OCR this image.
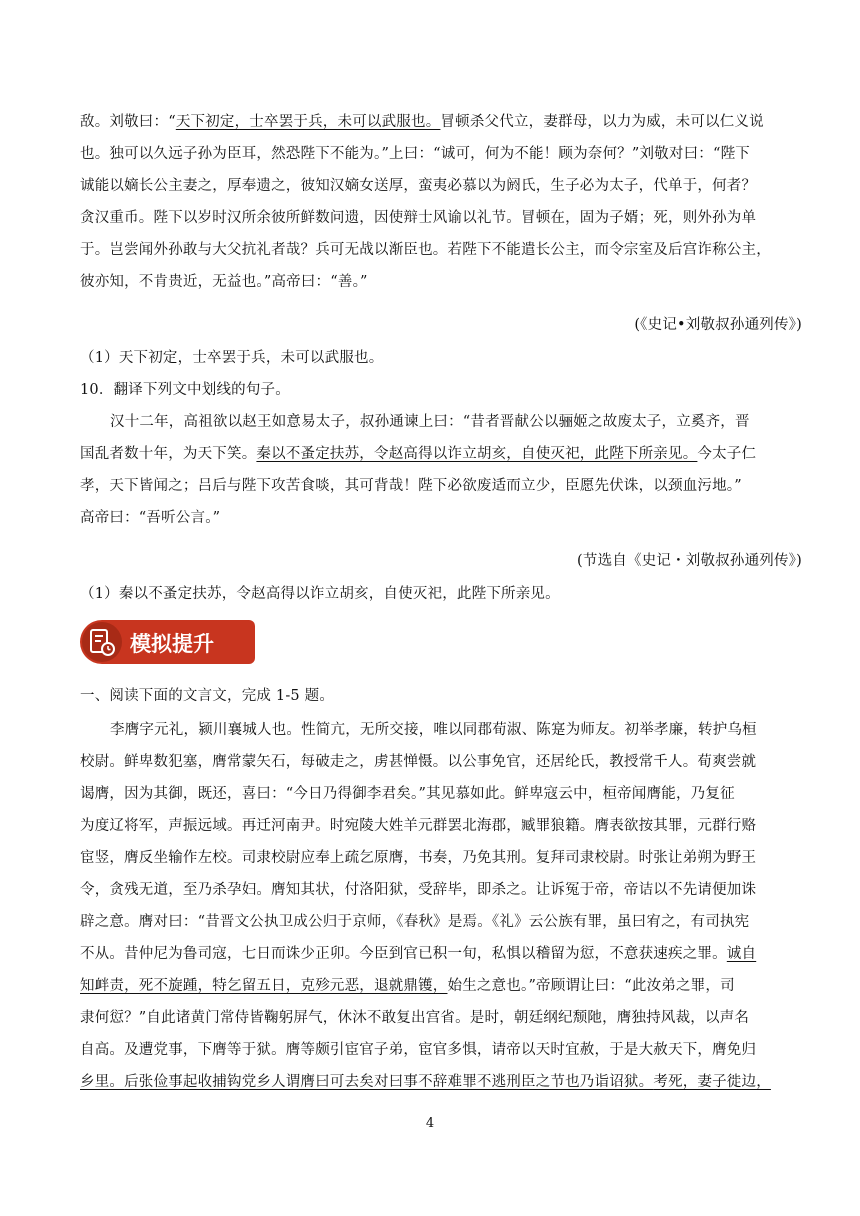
敌。刘敬曰：“天下初定，士卒罢于兵，未可以武服也。冒顿杀父代立，妻群母，以力为威，未可以仁义说
也。独可以久远子孙为臣耳，然恐陛下不能为。”上曰：“诚可，何为不能！顾为奈何？”刘敬对曰：“陛下
诚能以嫡长公主妻之，厚奉遗之，彼知汉嫡女送厚，蛮夷必慕以为阏氏，生子必为太子，代单于，何者？
贪汉重币。陛下以岁时汉所余彼所鲜数问遗，因使辩士风谕以礼节。冒顿在，固为子婿；死，则外孙为单
于。岂尝闻外孙敢与大父抗礼者哉？兵可无战以渐臣也。若陛下不能遣长公主，而令宗室及后宫诈称公主，
彼亦知，不肯贵近，无益也。”高帝曰：“善。”
(《史记•刘敬叔孙通列传》)
（1）天下初定，士卒罢于兵，未可以武服也。
10．翻译下列文中划线的句子。
汉十二年，高祖欲以赵王如意易太子，叔孙通谏上曰：“昔者晋献公以骊姬之故废太子，立奚齐，晋
国乱者数十年，为天下笑。秦以不蚤定扶苏，令赵高得以诈立胡亥，自使灭祀，此陛下所亲见。今太子仁
孝，天下皆闻之；吕后与陛下攻苦食啖，其可背哉！陛下必欲废适而立少，臣愿先伏诛，以颈血污地。”
高帝曰：“吾听公言。”
(节选自《史记・刘敬叔孙通列传》)
（1）秦以不蚤定扶苏，令赵高得以诈立胡亥，自使灭祀，此陛下所亲见。
模拟提升
一、阅读下面的文言文，完成 1-5 题。
李膺字元礼，颍川襄城人也。性简亢，无所交接，唯以同郡荀淑、陈寔为师友。初举孝廉，转护乌桓
校尉。鲜卑数犯塞，膺常蒙矢石，每破走之，虏甚惮慑。以公事免官，还居纶氏，教授常千人。荀爽尝就
谒膺，因为其御，既还，喜曰：“今日乃得御李君矣。”其见慕如此。鲜卑寇云中，桓帝闻膺能，乃复征
为度辽将军，声振远域。再迁河南尹。时宛陵大姓羊元群罢北海郡，臧罪狼籍。膺表欲按其罪，元群行赂
宦竖，膺反坐输作左校。司隶校尉应奉上疏乞原膺，书奏，乃免其刑。复拜司隶校尉。时张让弟朔为野王
令，贪残无道，至乃杀孕妇。膺知其状，付洛阳狱，受辞毕，即杀之。让诉冤于帝，帝诘以不先请便加诛
辟之意。膺对曰：“昔晋文公执卫成公归于京师，《春秋》是焉。《礼》云公族有罪，虽曰宥之，有司执宪
不从。昔仲尼为鲁司寇，七日而诛少正卯。今臣到官已积一旬，私惧以稽留为愆，不意获速疾之罪。诚自
知衅责，死不旋踵，特乞留五日，克殄元恶，退就鼎镬，始生之意也。”帝顾谓让曰：“此汝弟之罪，司
隶何愆？”自此诸黄门常侍皆鞠躬屏气，休沐不敢复出宫省。是时，朝廷纲纪颓阤，膺独持风裁，以声名
自高。及遭党事，下膺等于狱。膺等颇引宦官子弟，宦官多惧，请帝以天时宜赦，于是大赦天下，膺免归
乡里。后张俭事起收捕钩党乡人谓膺曰可去矣对曰事不辞难罪不逃刑臣之节也乃诣诏狱。考死，妻子徙边，
4
